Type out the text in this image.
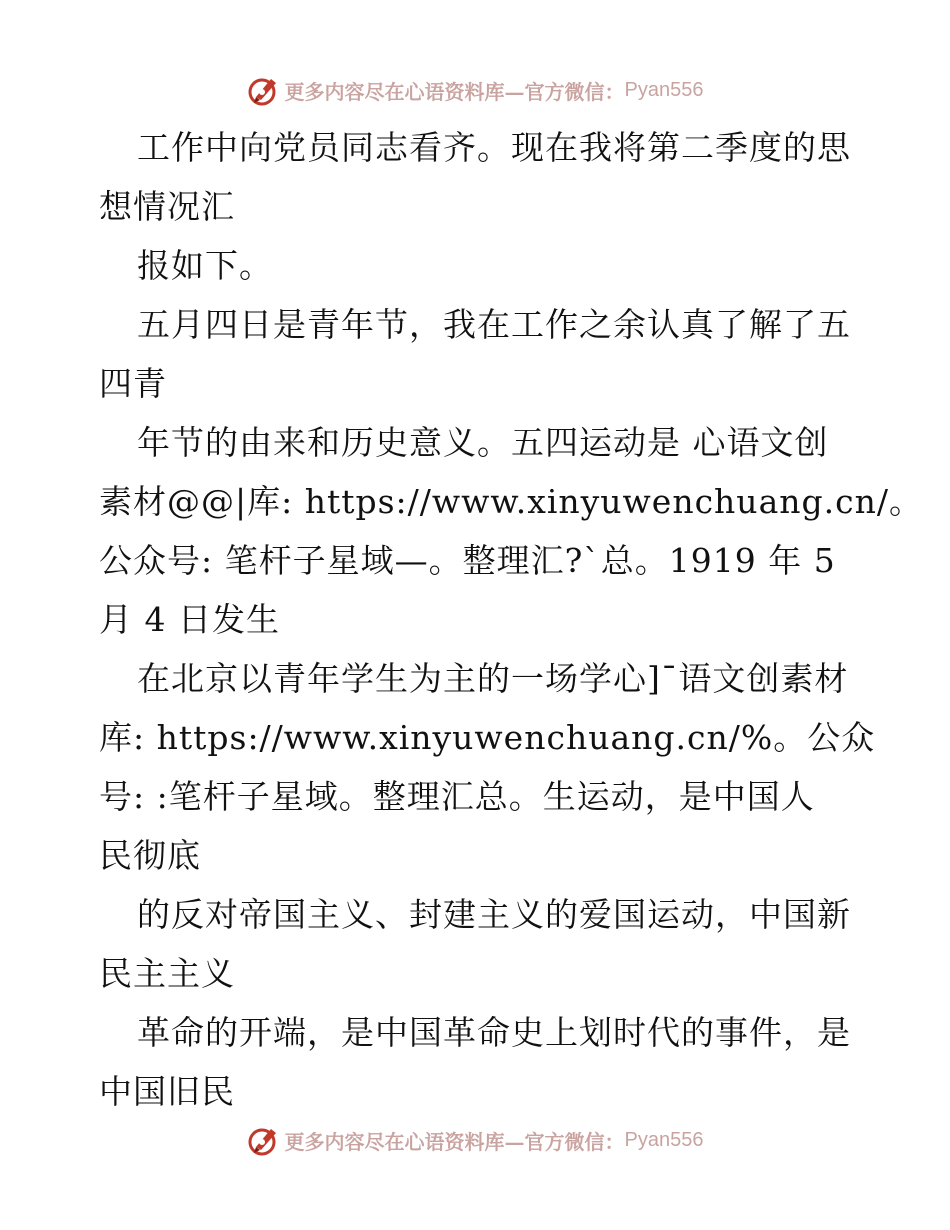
更多内容尽在心语资料库—官方微信： Pyan556
工作中向党员同志看齐。现在我将第二季度的思
想情况汇
报如下。
五月四日是青年节，我在工作之余认真了解了五
四青
年节的由来和历史意义。五四运动是 心语文创
素材@@|库: https://www.xinyuwenchuang.cn/。
公众号: 笔杆子星域—。整理汇?`总。1919 年 5
月 4 日发生
在北京以青年学生为主的一场学心]¯语文创素材
库: https://www.xinyuwenchuang.cn/%。公众
号: :笔杆子星域。整理汇总。生运动，是中国人
民彻底
的反对帝国主义、封建主义的爱国运动，中国新
民主主义
革命的开端，是中国革命史上划时代的事件，是
中国旧民
更多内容尽在心语资料库—官方微信： Pyan556
